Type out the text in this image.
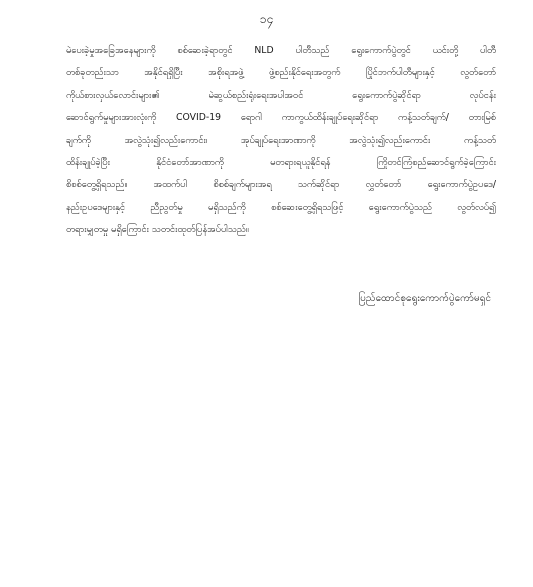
၁၄
မဲပေးခဲ့မှုအခြေအနေများကို စစ်ဆေးခဲ့ရာတွင် NLD ပါတီသည် ရွေးကောက်ပွဲတွင် ယင်းတို့ ပါတီ
တစ်ခုတည်းသာ အနိုင်ရရှိပြီး အစိုးရအဖွဲ့ ဖွဲ့စည်းနိုင်ရေးအတွက် ပြိုင်ဘက်ပါတီများနှင့် လွတ်တော်
ကိုယ်စားလှယ်လောင်းများ၏ မဲဆွယ်စည်းရုံးရေးအပါအဝင် ရွေးကောက်ပွဲဆိုင်ရာ လုပ်ငန်း
ဆောင်ရွက်မှုများအားလုံးကို COVID-19 ရောဂါ ကာကွယ်ထိန်းချုပ်ရေးဆိုင်ရာ ကန့်သတ်ချက်/ တားမြစ်
ချက်ကို အလွဲသုံး၍လည်းကောင်း၊ အုပ်ချုပ်ရေးအာဏာကို အလွဲသုံး၍လည်းကောင်း ကန့်သတ်
ထိန်းချုပ်ခဲ့ပြီး နိုင်ငံတော်အာဏာကို မတရားရယူနိုင်ရန် ကြိုတင်ကြံစည်ဆောင်ရွက်ခဲ့ကြောင်း
စိစစ်တွေ့ရှိရသည်။ အထက်ပါ စိစစ်ချက်များအရ သက်ဆိုင်ရာ လွှတ်တော် ရွေးကောက်ပွဲဥပဒေ/
နည်းဥပဒေများနှင့် ညီညွတ်မှု မရှိသည်ကို စစ်ဆေးတွေ့ရှိရသဖြင့် ရွေးကောက်ပွဲသည် လွတ်လပ်၍
တရားမျှတမှု မရှိကြောင်း သတင်းထုတ်ပြန်အပ်ပါသည်။
ပြည်ထောင်စုရွေးကောက်ပွဲကော်မရှင်
